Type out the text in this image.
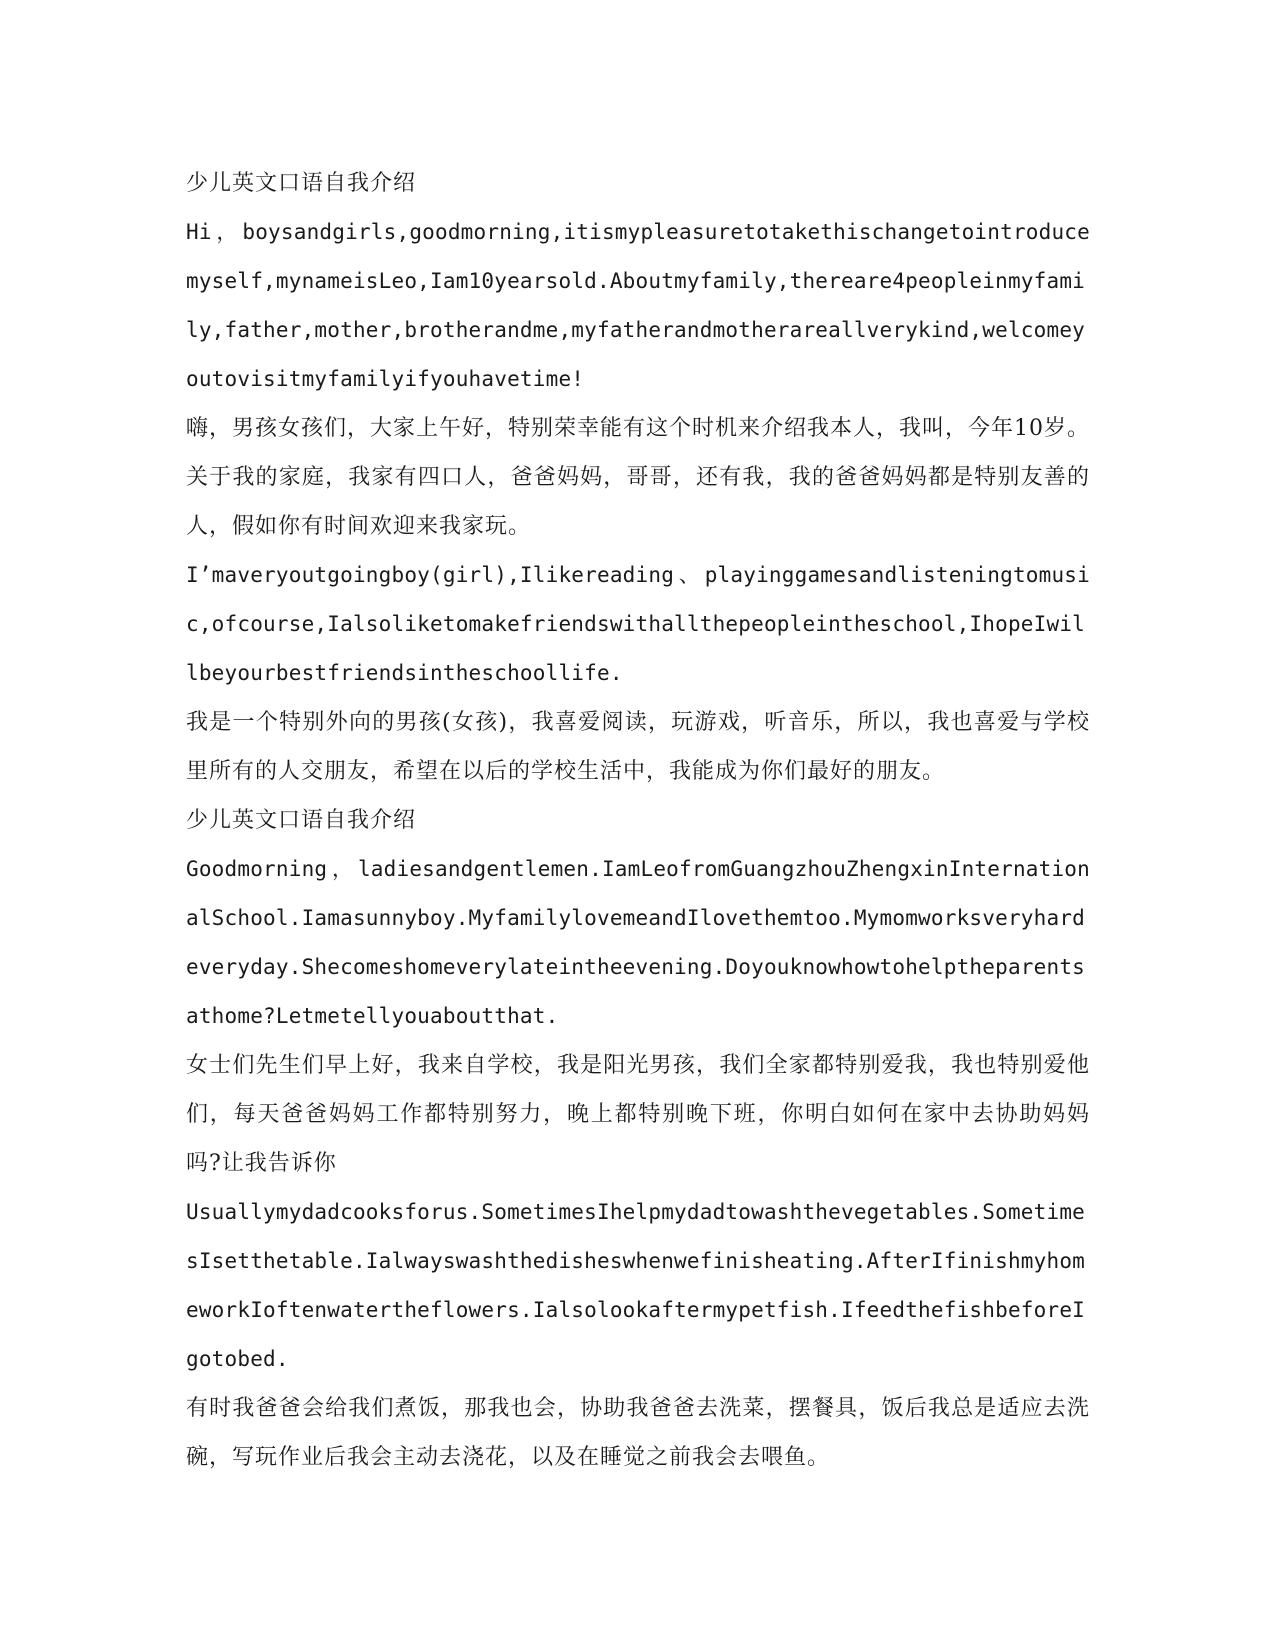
少儿英文口语自我介绍

Hi，boysandgirls,goodmorning,itismypleasuretotakethischangetointroducemyself,mynameisLeo,Iam10yearsold.Aboutmyfamily,thereare4peopleinmyfamily,father,mother,brotherandme,myfatherandmotherareallverykind,welcomeyoutovisitmyfamilyifyouhavetime!

嗨，男孩女孩们，大家上午好，特别荣幸能有这个时机来介绍我本人，我叫，今年10岁。关于我的家庭，我家有四口人，爸爸妈妈，哥哥，还有我，我的爸爸妈妈都是特别友善的人，假如你有时间欢迎来我家玩。

I’maveryoutgoingboy(girl),Ilikereading、playinggamesandlisteningtomusic,ofcourse,Ialsoliketomakefriendswithallthepeopleintheschool,IhopeIwillbeyourbestfriendsintheschoollife.

我是一个特别外向的男孩(女孩)，我喜爱阅读，玩游戏，听音乐，所以，我也喜爱与学校里所有的人交朋友，希望在以后的学校生活中，我能成为你们最好的朋友。

少儿英文口语自我介绍

Goodmorning，ladiesandgentlemen.IamLeofromGuangzhouZhengxinInternationalSchool.Iamasunnyboy.MyfamilylovemeandIlovethemtoo.Mymomworksveryhardeveryday.Shecomeshomeverylateintheevening.Doyouknowhowtohelptheparentsathome?Letmetellyouaboutthat.

女士们先生们早上好，我来自学校，我是阳光男孩，我们全家都特别爱我，我也特别爱他们，每天爸爸妈妈工作都特别努力，晚上都特别晚下班，你明白如何在家中去协助妈妈吗?让我告诉你

Usuallymydadcooksforus.SometimesIhelpmydadtowashthevegetables.SometimesIsetthetable.Ialwayswashthedisheswhenwefinisheating.AfterIfinishmyhomeworkIoftenwatertheflowers.Ialsolookaftermypetfish.IfeedthefishbeforeIgotobed.

有时我爸爸会给我们煮饭，那我也会，协助我爸爸去洗菜，摆餐具，饭后我总是适应去洗碗，写玩作业后我会主动去浇花，以及在睡觉之前我会去喂鱼。
